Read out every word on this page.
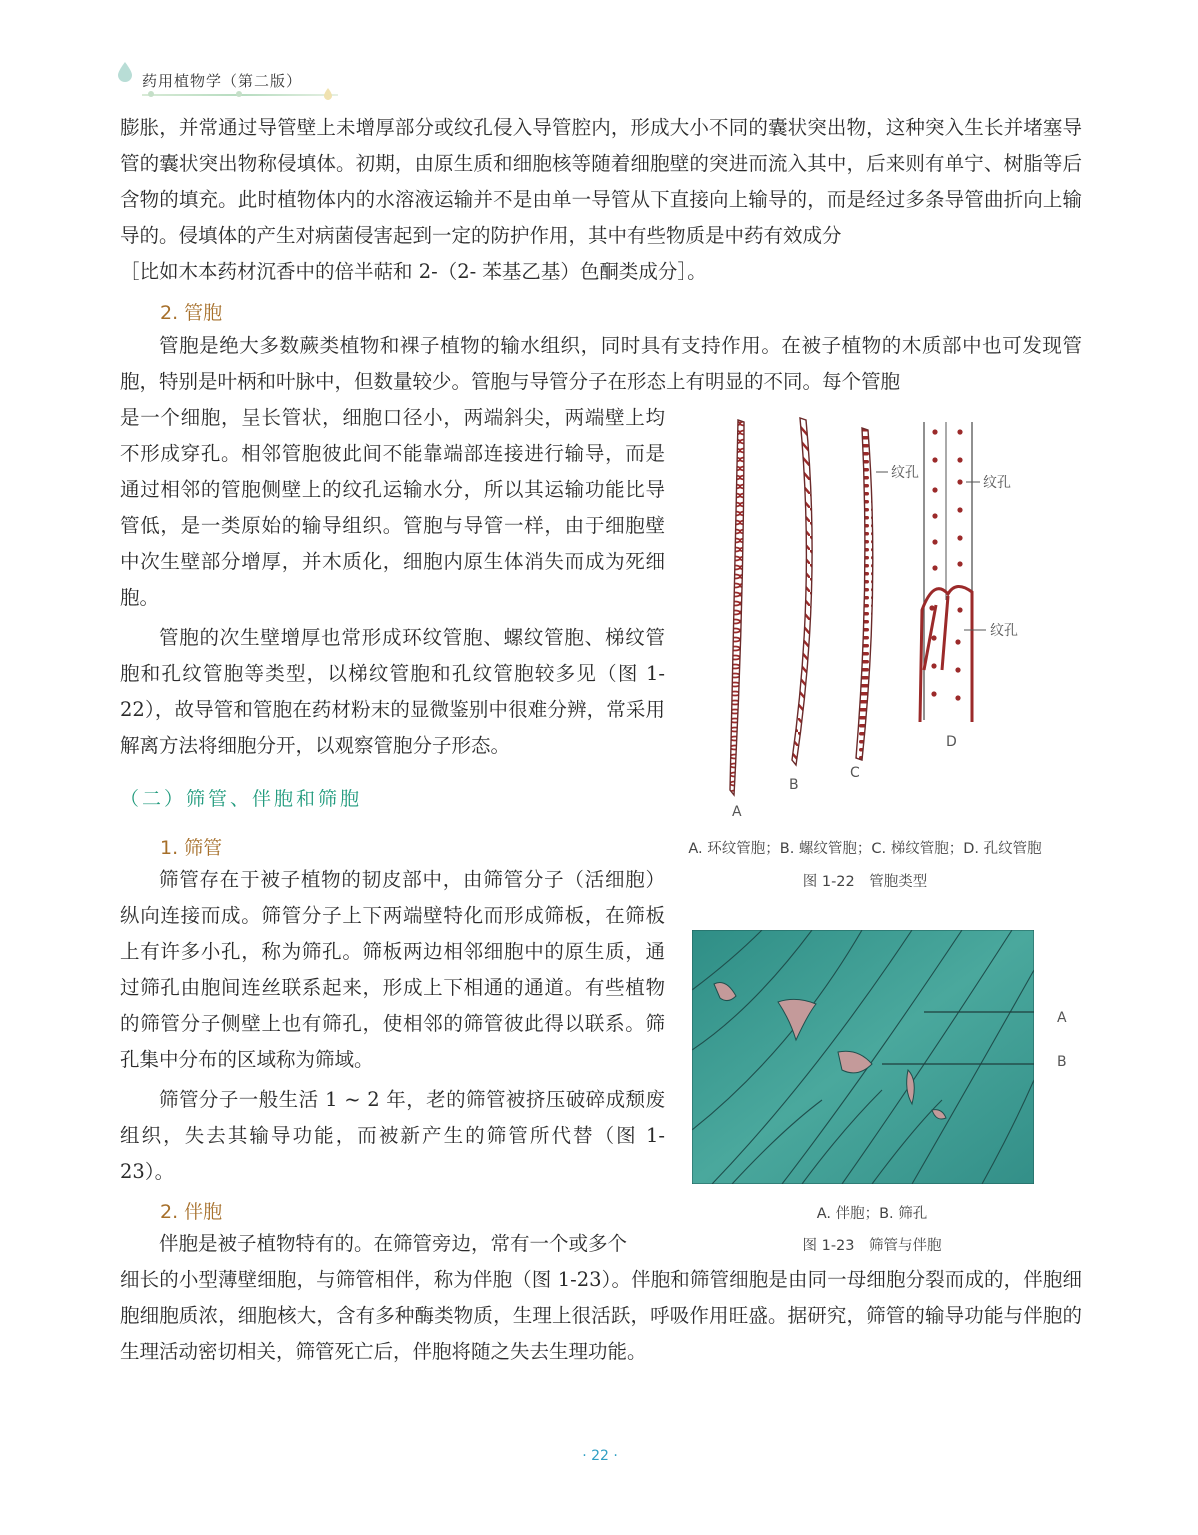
药用植物学（第二版）
膨胀，并常通过导管壁上未增厚部分或纹孔侵入导管腔内，形成大小不同的囊状突出物，这种突入生长并堵塞导管的囊状突出物称侵填体。初期，由原生质和细胞核等随着细胞壁的突进而流入其中，后来则有单宁、树脂等后含物的填充。此时植物体内的水溶液运输并不是由单一导管从下直接向上输导的，而是经过多条导管曲折向上输导的。侵填体的产生对病菌侵害起到一定的防护作用，其中有些物质是中药有效成分
［比如木本药材沉香中的倍半萜和 2-（2- 苯基乙基）色酮类成分］。
2. 管胞
管胞是绝大多数蕨类植物和裸子植物的输水组织，同时具有支持作用。在被子植物的木质部中也可发现管胞，特别是叶柄和叶脉中，但数量较少。管胞与导管分子在形态上有明显的不同。每个管胞
是一个细胞，呈长管状，细胞口径小，两端斜尖，两端壁上均不形成穿孔。相邻管胞彼此间不能靠端部连接进行输导，而是通过相邻的管胞侧壁上的纹孔运输水分，所以其运输功能比导管低，是一类原始的输导组织。管胞与导管一样，由于细胞壁中次生壁部分增厚，并木质化，细胞内原生体消失而成为死细胞。
管胞的次生壁增厚也常形成环纹管胞、螺纹管胞、梯纹管胞和孔纹管胞等类型，以梯纹管胞和孔纹管胞较多见（图 1-22），故导管和管胞在药材粉末的显微鉴别中很难分辨，常采用解离方法将细胞分开，以观察管胞分子形态。
（二）筛管、伴胞和筛胞
1. 筛管
筛管存在于被子植物的韧皮部中，由筛管分子（活细胞）纵向连接而成。筛管分子上下两端壁特化而形成筛板，在筛板上有许多小孔，称为筛孔。筛板两边相邻细胞中的原生质，通过筛孔由胞间连丝联系起来，形成上下相通的通道。有些植物的筛管分子侧壁上也有筛孔，使相邻的筛管彼此得以联系。筛孔集中分布的区域称为筛域。
筛管分子一般生活 1 ~ 2 年，老的筛管被挤压破碎成颓废组织，失去其输导功能，而被新产生的筛管所代替（图 1-23）。
2. 伴胞
伴胞是被子植物特有的。在筛管旁边，常有一个或多个
细长的小型薄壁细胞，与筛管相伴，称为伴胞（图 1-23）。伴胞和筛管细胞是由同一母细胞分裂而成的，伴胞细胞细胞质浓，细胞核大，含有多种酶类物质，生理上很活跃，呼吸作用旺盛。据研究，筛管的输导功能与伴胞的生理活动密切相关，筛管死亡后，伴胞将随之失去生理功能。
纹孔
纹孔
纹孔
A
B
C
D
A. 环纹管胞；B. 螺纹管胞；C. 梯纹管胞；D. 孔纹管胞
图 1-22　管胞类型
A
B
A. 伴胞；B. 筛孔
图 1-23　筛管与伴胞
· 22 ·
